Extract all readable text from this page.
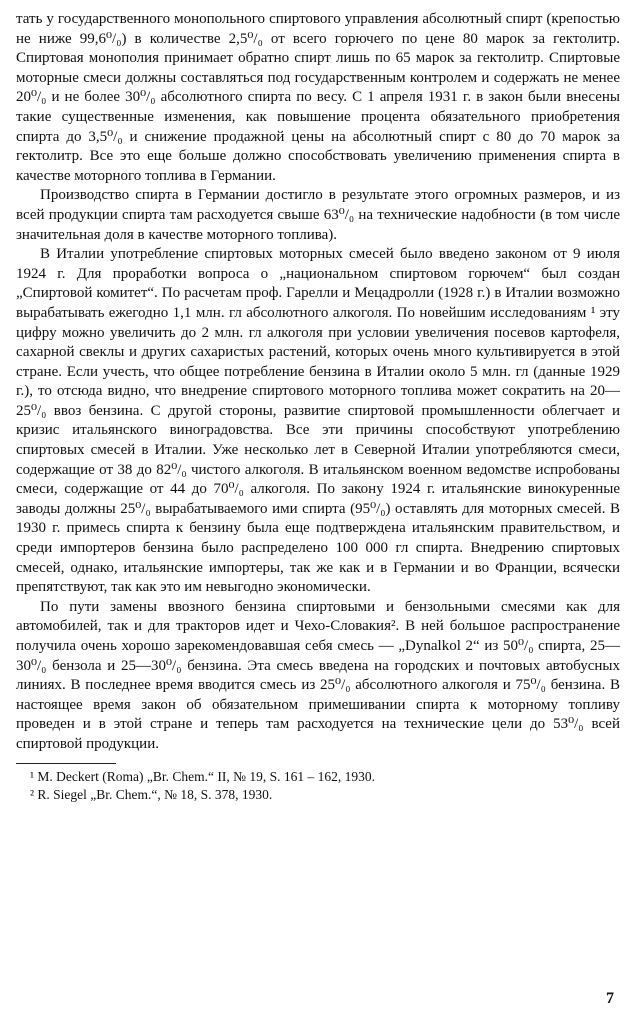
тать у государственного монопольного спиртового управления абсолютный спирт (крепостью не ниже 99,6⁰/₀) в количестве 2,5⁰/₀ от всего горючего по цене 80 марок за гектолитр. Спиртовая монополия принимает обратно спирт лишь по 65 марок за гектолитр. Спиртовые моторные смеси должны составляться под государственным контролем и содержать не менее 20⁰/₀ и не более 30⁰/₀ абсолютного спирта по весу. С 1 апреля 1931 г. в закон были внесены такие существенные изменения, как повышение процента обязательного приобретения спирта до 3,5⁰/₀ и снижение продажной цены на абсолютный спирт с 80 до 70 марок за гектолитр. Все это еще больше должно способствовать увеличению применения спирта в качестве моторного топлива в Германии.

Производство спирта в Германии достигло в результате этого огромных размеров, и из всей продукции спирта там расходуется свыше 63⁰/₀ на технические надобности (в том числе значительная доля в качестве моторного топлива).

В Италии употребление спиртовых моторных смесей было введено законом от 9 июля 1924 г. Для проработки вопроса о „национальном спиртовом горючем“ был создан „Спиртовой комитет“. По расчетам проф. Гарелли и Мецадролли (1928 г.) в Италии возможно вырабатывать ежегодно 1,1 млн. гл абсолютного алкоголя. По новейшим исследованиям ¹ эту цифру можно увеличить до 2 млн. гл алкоголя при условии увеличения посевов картофеля, сахарной свеклы и других сахаристых растений, которых очень много культивируется в этой стране. Если учесть, что общее потребление бензина в Италии около 5 млн. гл (данные 1929 г.), то отсюда видно, что внедрение спиртового моторного топлива может сократить на 20—25⁰/₀ ввоз бензина. С другой стороны, развитие спиртовой промышленности облегчает и кризис итальянского виноградовства. Все эти причины способствуют употреблению спиртовых смесей в Италии. Уже несколько лет в Северной Италии употребляются смеси, содержащие от 38 до 82⁰/₀ чистого алкоголя. В итальянском военном ведомстве испробованы смеси, содержащие от 44 до 70⁰/₀ алкоголя. По закону 1924 г. итальянские винокуренные заводы должны 25⁰/₀ вырабатываемого ими спирта (95⁰/₀) оставлять для моторных смесей. В 1930 г. примесь спирта к бензину была еще подтверждена итальянским правительством, и среди импортеров бензина было распределено 100 000 гл спирта. Внедрению спиртовых смесей, однако, итальянские импортеры, так же как и в Германии и во Франции, всячески препятствуют, так как это им невыгодно экономически.

По пути замены ввозного бензина спиртовыми и бензольными смесями как для автомобилей, так и для тракторов идет и Чехо-Словакия². В ней большое распространение получила очень хорошо зарекомендовавшая себя смесь — „Dynalkol 2“ из 50⁰/₀ спирта, 25—30⁰/₀ бензола и 25—30⁰/₀ бензина. Эта смесь введена на городских и почтовых автобусных линиях. В последнее время вводится смесь из 25⁰/₀ абсолютного алкоголя и 75⁰/₀ бензина. В настоящее время закон об обязательном примешивании спирта к моторному топливу проведен и в этой стране и теперь там расходуется на технические цели до 53⁰/₀ всей спиртовой продукции.

¹ M. Deckert (Roma) „Br. Chem.“ II, № 19, S. 161 – 162, 1930.

² R. Siegel „Br. Chem.“, № 18, S. 378, 1930.

7
